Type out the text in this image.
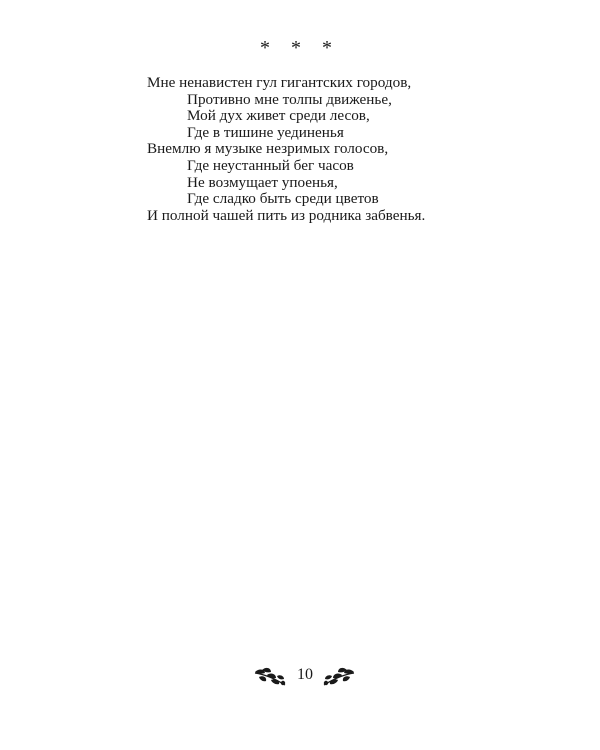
* * *
Мне ненавистен гул гигантских городов,
Противно мне толпы движенье,
Мой дух живет среди лесов,
Где в тишине уединенья
Внемлю я музыке незримых голосов,
Где неустанный бег часов
Не возмущает упоенья,
Где сладко быть среди цветов
И полной чашей пить из родника забвенья.
10
